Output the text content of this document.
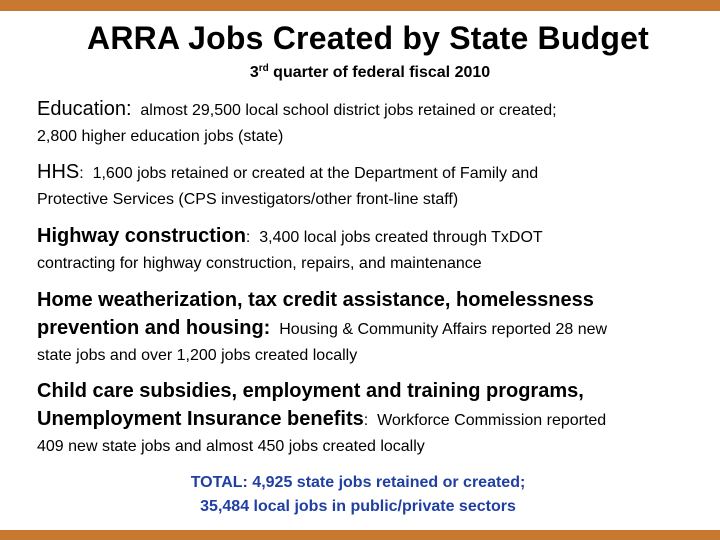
ARRA Jobs Created by State Budget
3rd quarter of federal fiscal 2010
Education:  almost 29,500 local school district jobs retained or created;
2,800 higher education jobs (state)
HHS:  1,600 jobs retained or created at the Department of Family and
Protective Services (CPS investigators/other front-line staff)
Highway construction:  3,400 local jobs created through TxDOT
contracting for highway construction, repairs, and maintenance
Home weatherization, tax credit assistance, homelessness
prevention and housing:  Housing & Community Affairs reported 28 new
state jobs and over 1,200 jobs created locally
Child care subsidies, employment and training programs,
Unemployment Insurance benefits:  Workforce Commission reported
409 new state jobs and almost 450 jobs created locally
TOTAL: 4,925 state jobs retained or created;
35,484 local jobs in public/private sectors
